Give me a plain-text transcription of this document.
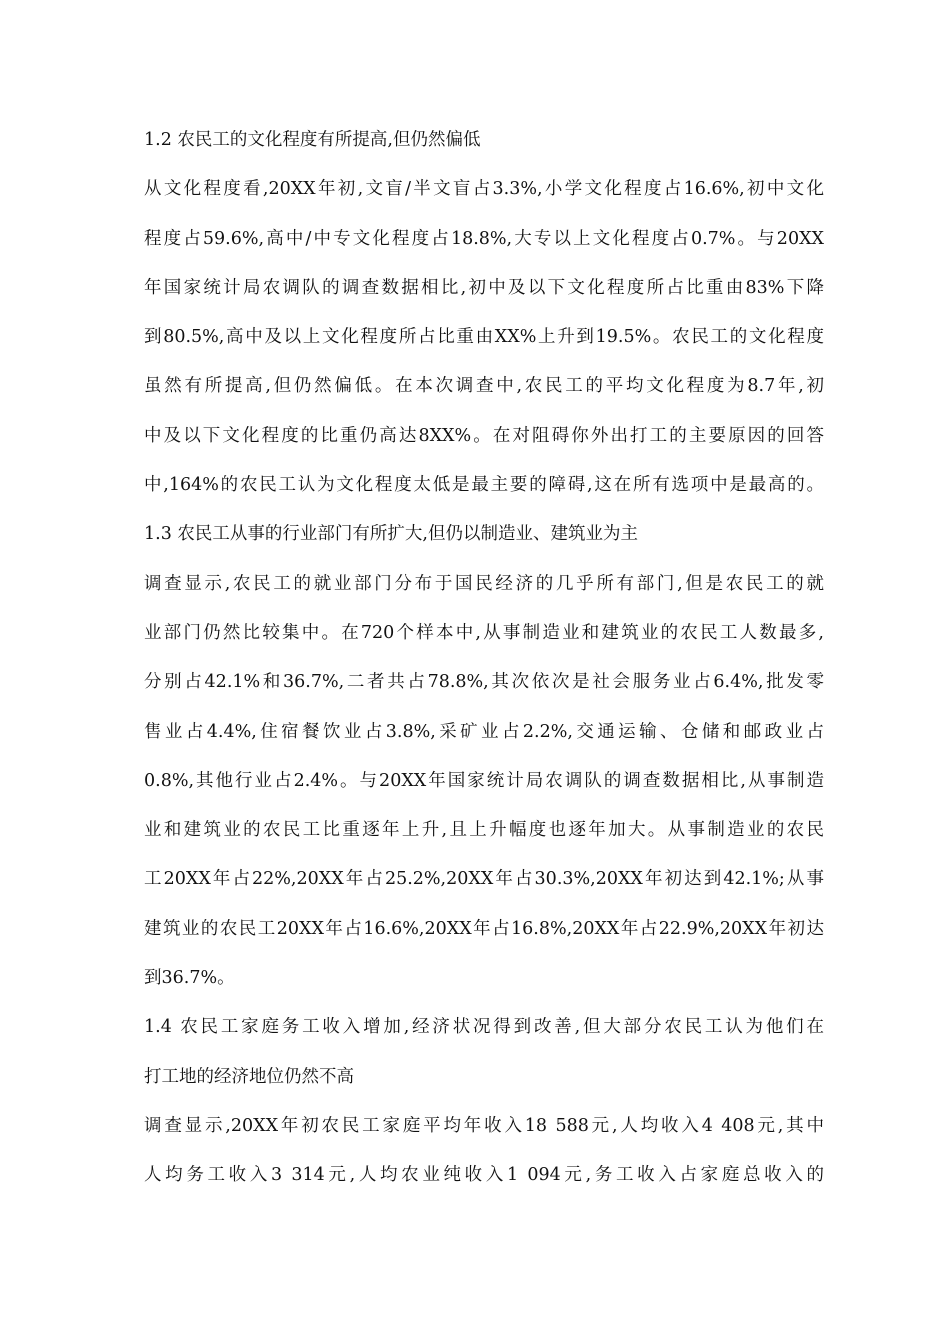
1.2 农民工的文化程度有所提高,但仍然偏低
从文化程度看,20XX年初,文盲/半文盲占3.3%,小学文化程度占16.6%,初中文化
程度占59.6%,高中/中专文化程度占18.8%,大专以上文化程度占0.7%。与20XX
年国家统计局农调队的调查数据相比,初中及以下文化程度所占比重由83%下降
到80.5%,高中及以上文化程度所占比重由XX%上升到19.5%。农民工的文化程度
虽然有所提高,但仍然偏低。在本次调查中,农民工的平均文化程度为8.7年,初
中及以下文化程度的比重仍高达8XX%。在对阻碍你外出打工的主要原因的回答
中,164%的农民工认为文化程度太低是最主要的障碍,这在所有选项中是最高的。
1.3 农民工从事的行业部门有所扩大,但仍以制造业、建筑业为主
调查显示,农民工的就业部门分布于国民经济的几乎所有部门,但是农民工的就
业部门仍然比较集中。在720个样本中,从事制造业和建筑业的农民工人数最多,
分别占42.1%和36.7%,二者共占78.8%,其次依次是社会服务业占6.4%,批发零
售业占4.4%,住宿餐饮业占3.8%,采矿业占2.2%,交通运输、仓储和邮政业占
0.8%,其他行业占2.4%。与20XX年国家统计局农调队的调查数据相比,从事制造
业和建筑业的农民工比重逐年上升,且上升幅度也逐年加大。从事制造业的农民
工20XX年占22%,20XX年占25.2%,20XX年占30.3%,20XX年初达到42.1%;从事
建筑业的农民工20XX年占16.6%,20XX年占16.8%,20XX年占22.9%,20XX年初达
到36.7%。
1.4 农民工家庭务工收入增加,经济状况得到改善,但大部分农民工认为他们在
打工地的经济地位仍然不高
调查显示,20XX年初农民工家庭平均年收入18 588元,人均收入4 408元,其中
人均务工收入3 314元,人均农业纯收入1 094元,务工收入占家庭总收入的
